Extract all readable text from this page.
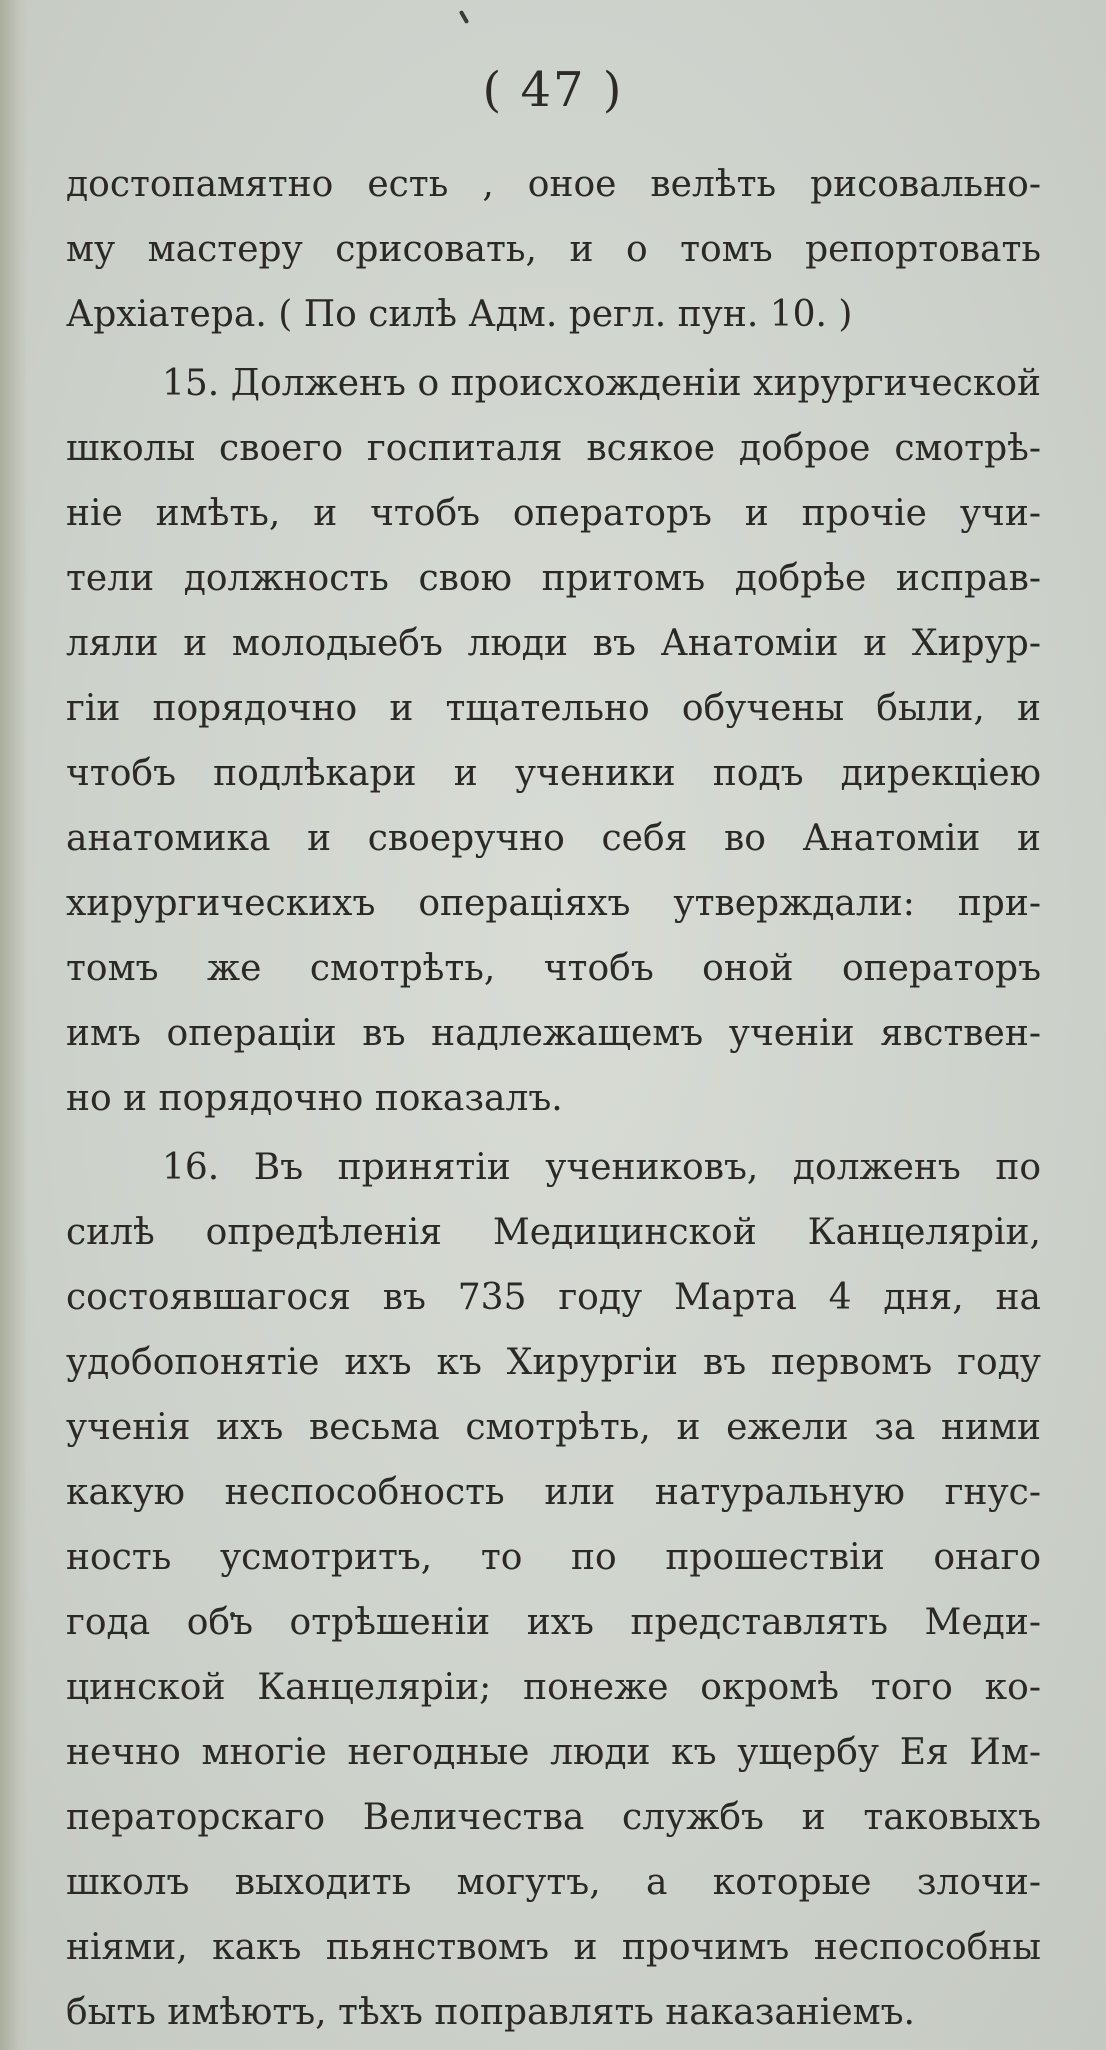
( 47 )
достопамятно есть , оное велѣть рисовально-
му мастеру срисовать, и о томъ репортовать
Архіатера. ( По силѣ Адм. регл. пун. 10. )
15. Долженъ о происхожденіи хирургической
школы своего госпиталя всякое доброе смотрѣ-
ніе имѣть, и чтобъ операторъ и прочіе учи-
тели должность свою притомъ добрѣе исправ-
ляли и молодыебъ люди въ Анатоміи и Хирур-
гіи порядочно и тщательно обучены были, и
чтобъ подлѣкари и ученики подъ дирекціею
анатомика и своеручно себя во Анатоміи и
хирургическихъ операціяхъ утверждали: при-
томъ же смотрѣть, чтобъ оной операторъ
имъ операціи въ надлежащемъ ученіи явствен-
но и порядочно показалъ.
16. Въ принятіи учениковъ, долженъ по
силѣ опредѣленія Медицинской Канцеляріи,
состоявшагося въ 735 году Марта 4 дня, на
удобопонятіе ихъ къ Хирургіи въ первомъ году
ученія ихъ весьма смотрѣть, и ежели за ними
какую неспособность или натуральную гнус-
ность усмотритъ, то по прошествіи онаго
года объ отрѣшеніи ихъ представлять Меди-
цинской Канцеляріи; понеже окромѣ того ко-
нечно многіе негодные люди къ ущербу Ея Им-
ператорскаго Величества службъ и таковыхъ
школъ выходить могутъ, а которые злочи-
ніями, какъ пьянствомъ и прочимъ неспособны
быть имѣютъ, тѣхъ поправлять наказаніемъ.
